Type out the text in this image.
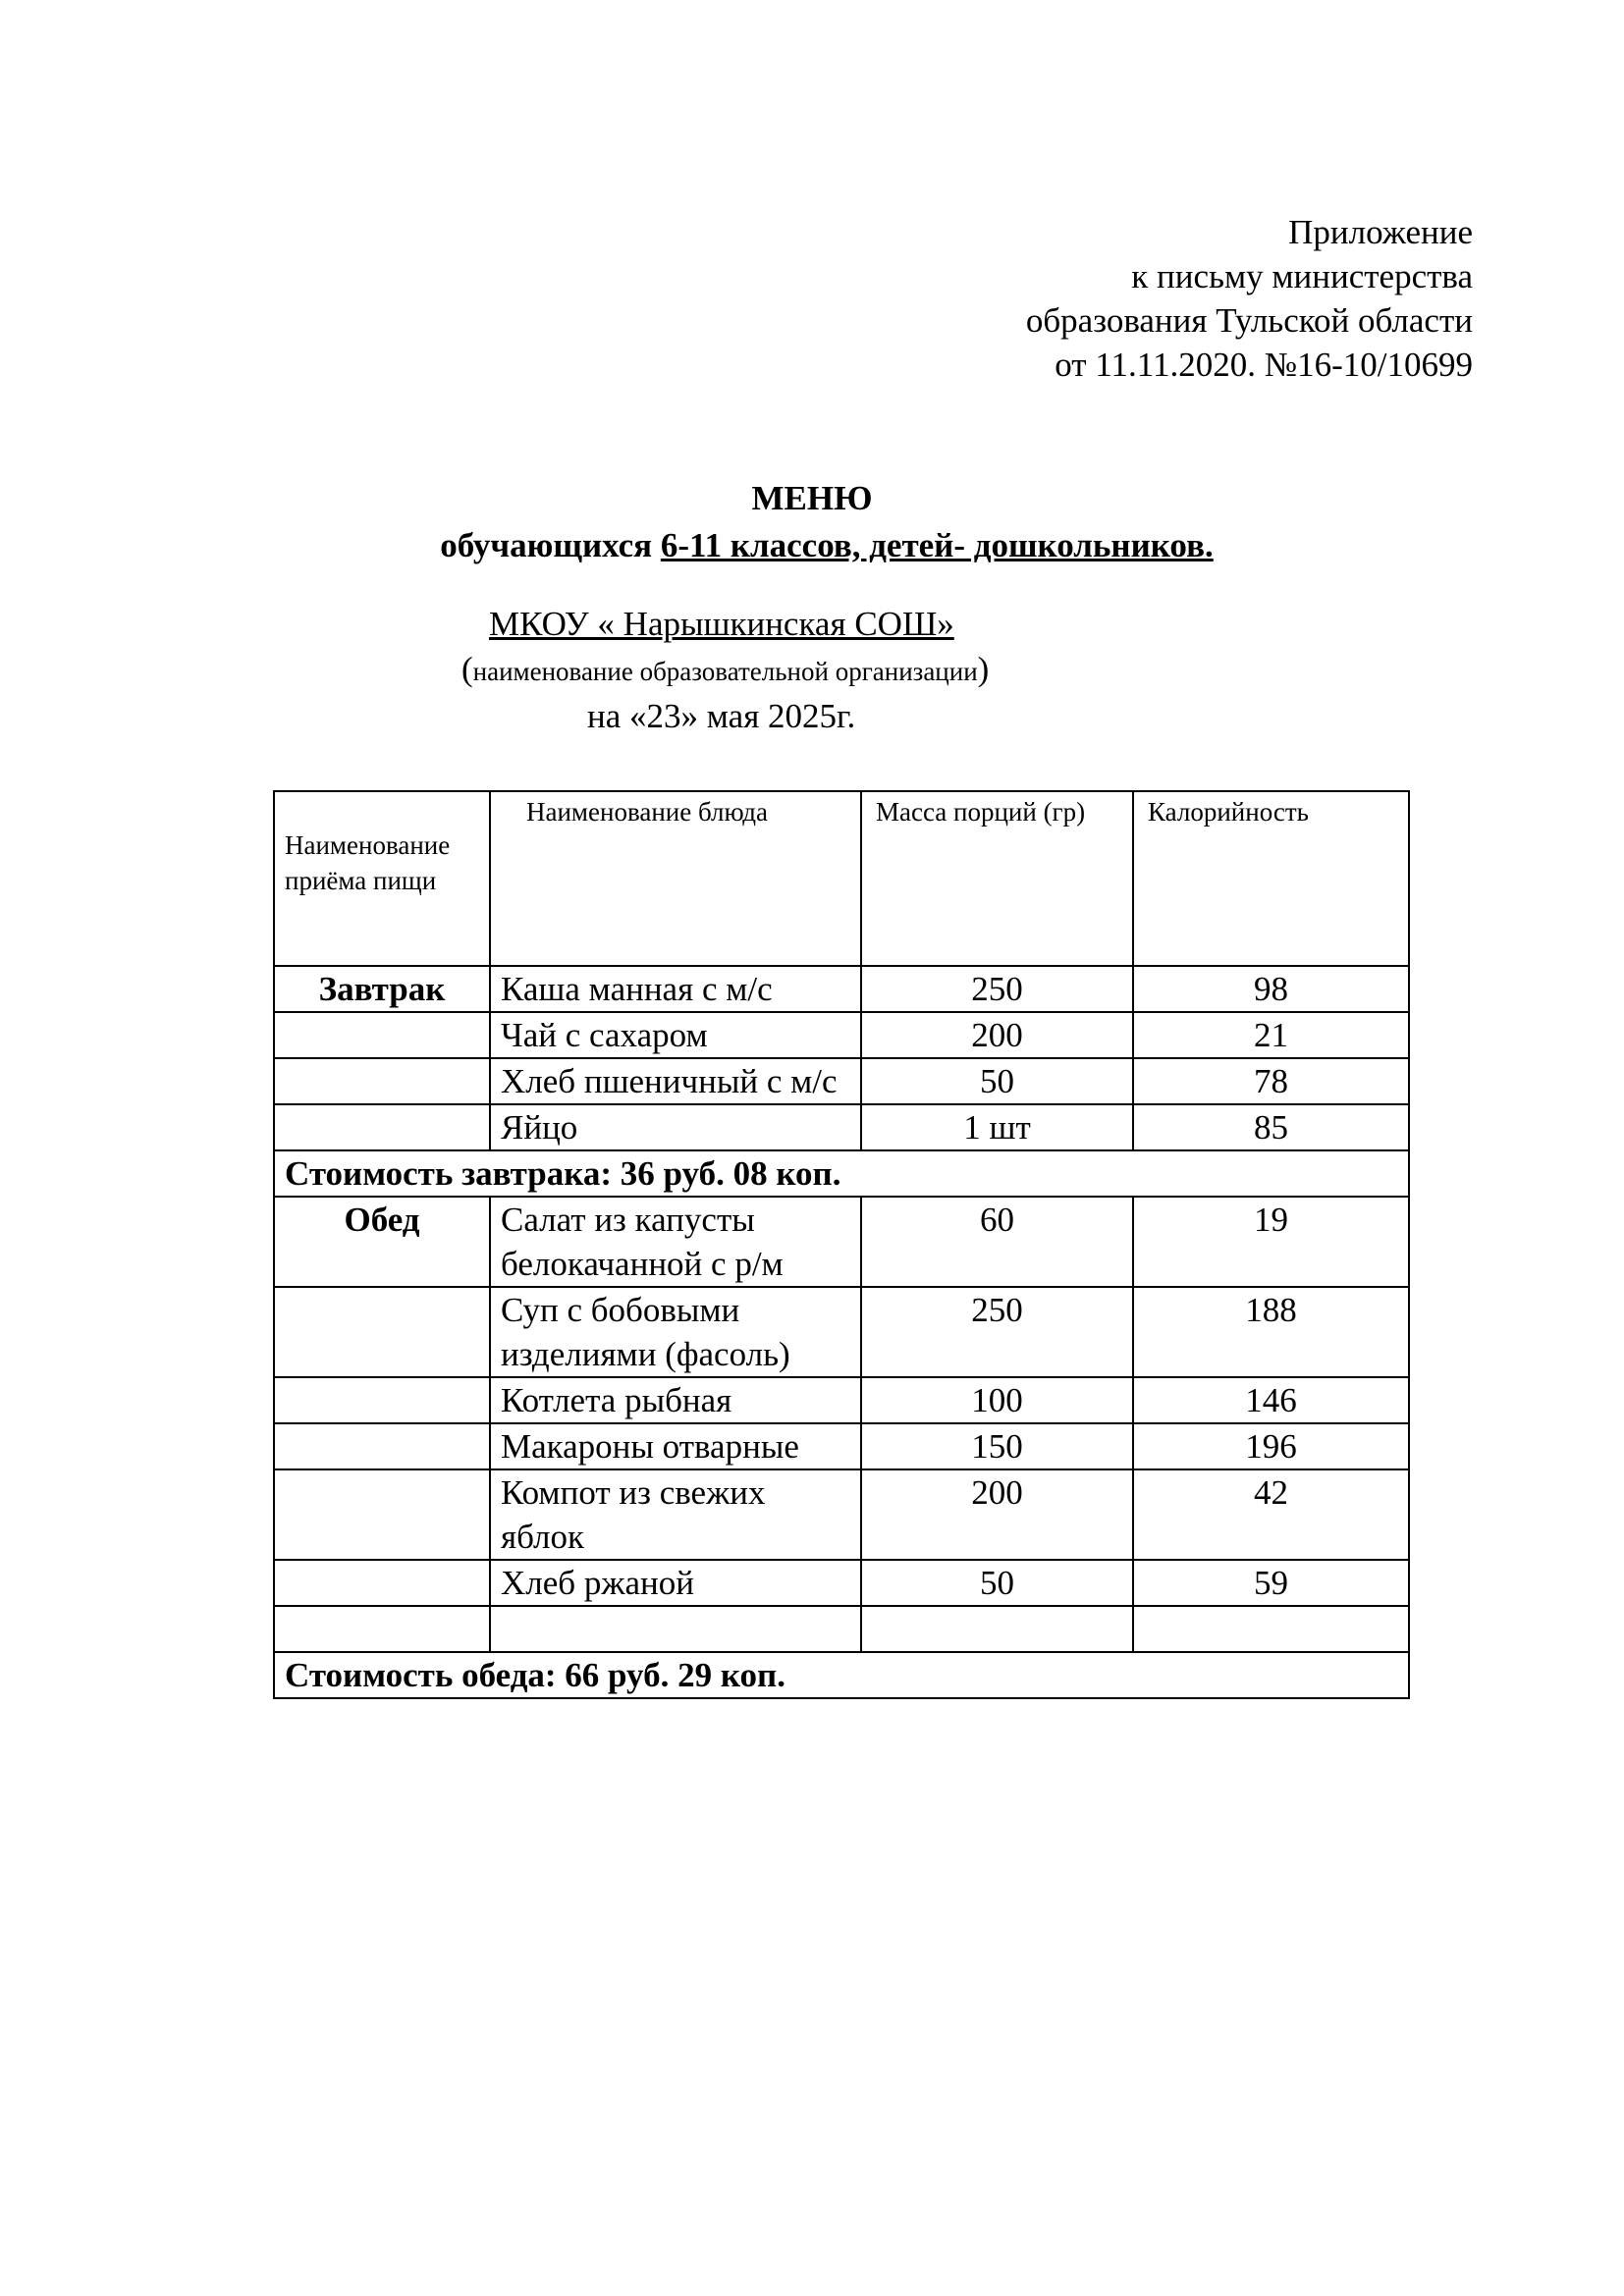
Приложение
к письму министерства
образования Тульской области
от 11.11.2020. №16-10/10699
МЕНЮ
обучающихся 6-11 классов, детей- дошкольников.
МКОУ « Нарышкинская СОШ»
(наименование образовательной организации)
на «23» мая 2025г.
Наименование приёма пищи	Наименование блюда	Масса порций (гр)	Калорийность
Завтрак	Каша манная с м/с	250	98
	Чай с сахаром	200	21
	Хлеб пшеничный с м/с	50	78
	Яйцо	1 шт	85
Стоимость завтрака: 36 руб. 08 коп.			
Обед	Салат из капусты белокачанной с р/м	60	19
	Суп с бобовыми изделиями (фасоль)	250	188
	Котлета рыбная	100	146
	Макароны отварные	150	196
	Компот из свежих яблок	200	42
	Хлеб ржаной	50	59

Стоимость обеда: 66 руб. 29 коп.			
